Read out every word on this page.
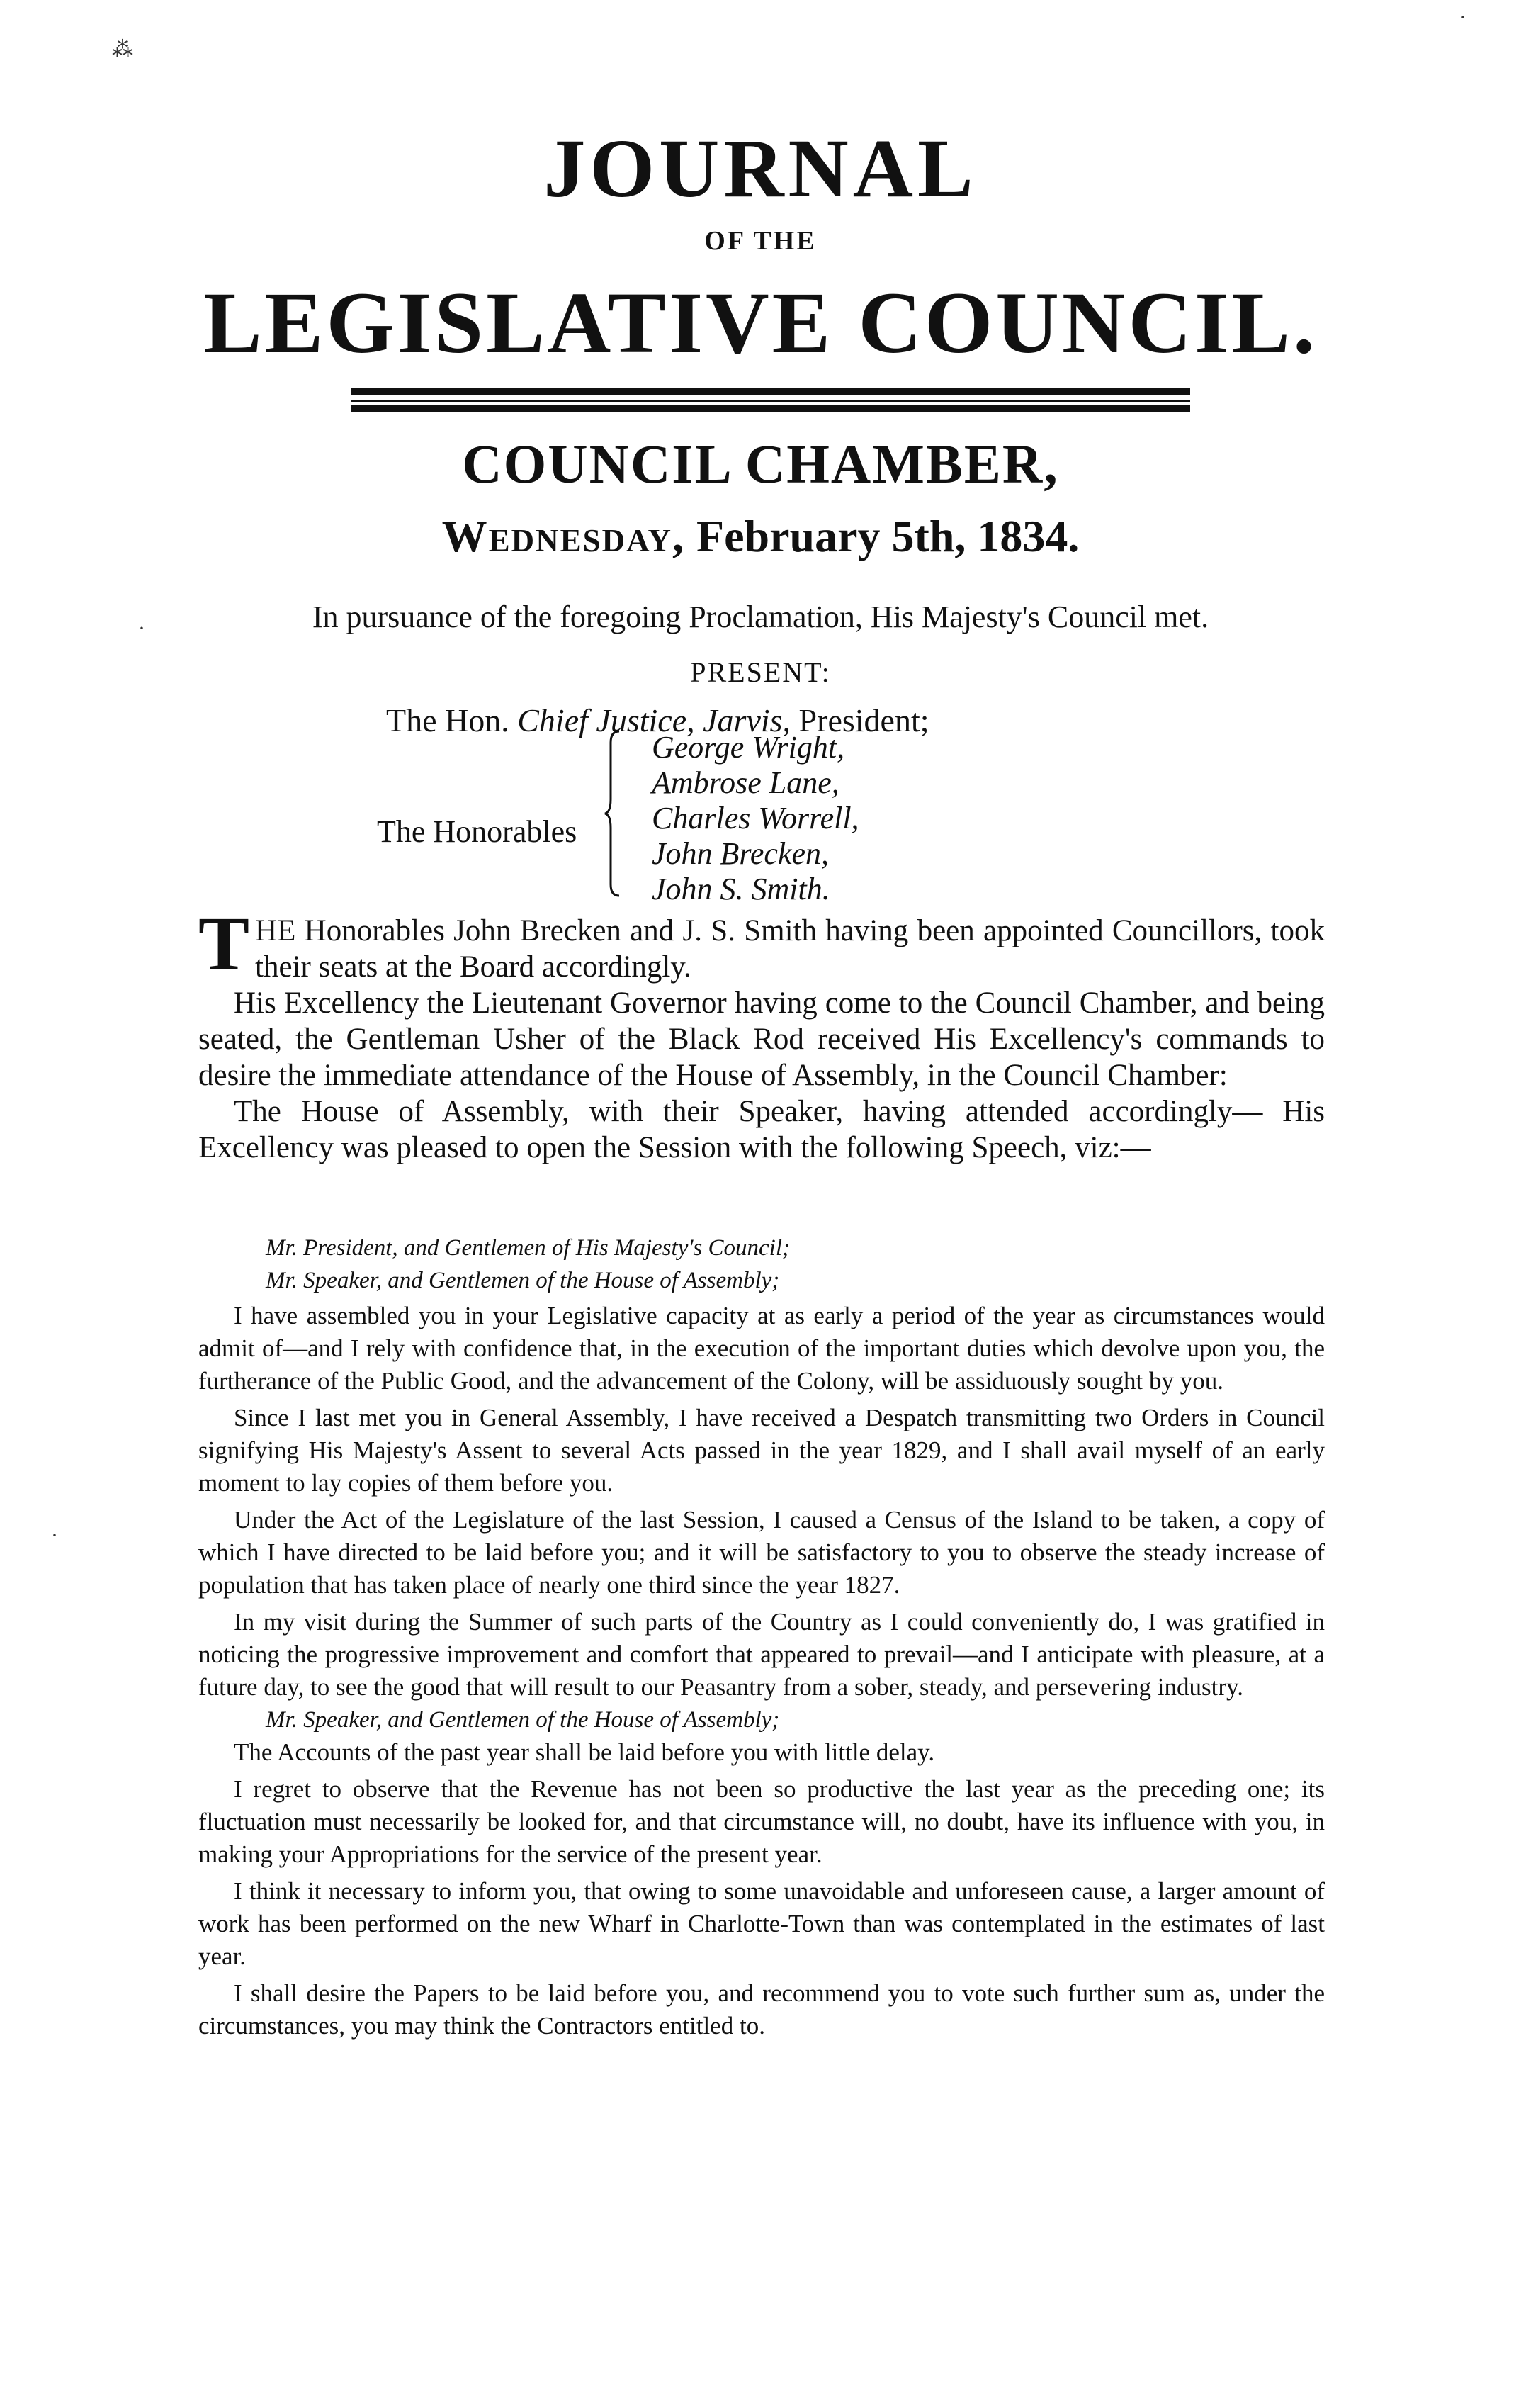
JOURNAL
OF THE
LEGISLATIVE COUNCIL.
COUNCIL CHAMBER,
Wednesday, February 5th, 1834.
In pursuance of the foregoing Proclamation, His Majesty's Council met.
PRESENT:
The Hon. Chief Justice, Jarvis, President;
The Honorables
George Wright,
Ambrose Lane,
Charles Worrell,
John Brecken,
John S. Smith.

T HE Honorables John Brecken and J. S. Smith having been appointed Councillors, took their seats at the Board accordingly.

His Excellency the Lieutenant Governor having come to the Council Chamber, and being seated, the Gentleman Usher of the Black Rod received His Excellency's commands to desire the immediate attendance of the House of Assembly, in the Council Chamber:

The House of Assembly, with their Speaker, having attended accordingly— His Excellency was pleased to open the Session with the following Speech, viz:—

Mr. President, and Gentlemen of His Majesty's Council;

Mr. Speaker, and Gentlemen of the House of Assembly;

I have assembled you in your Legislative capacity at as early a period of the year as circumstances would admit of—and I rely with confidence that, in the execution of the important duties which devolve upon you, the furtherance of the Public Good, and the advancement of the Colony, will be assiduously sought by you.

Since I last met you in General Assembly, I have received a Despatch transmitting two Orders in Council signifying His Majesty's Assent to several Acts passed in the year 1829, and I shall avail myself of an early moment to lay copies of them before you.

Under the Act of the Legislature of the last Session, I caused a Census of the Island to be taken, a copy of which I have directed to be laid before you; and it will be satisfactory to you to observe the steady increase of population that has taken place of nearly one third since the year 1827.

In my visit during the Summer of such parts of the Country as I could conveniently do, I was gratified in noticing the progressive improvement and comfort that appeared to prevail—and I anticipate with pleasure, at a future day, to see the good that will result to our Peasantry from a sober, steady, and persevering industry.

Mr. Speaker, and Gentlemen of the House of Assembly;

The Accounts of the past year shall be laid before you with little delay.

I regret to observe that the Revenue has not been so productive the last year as the preceding one; its fluctuation must necessarily be looked for, and that circumstance will, no doubt, have its influence with you, in making your Appropriations for the service of the present year.

I think it necessary to inform you, that owing to some unavoidable and unforeseen cause, a larger amount of work has been performed on the new Wharf in Charlotte-Town than was contemplated in the estimates of last year.

I shall desire the Papers to be laid before you, and recommend you to vote such further sum as, under the circumstances, you may think the Contractors entitled to.

⁂
·
·
·
